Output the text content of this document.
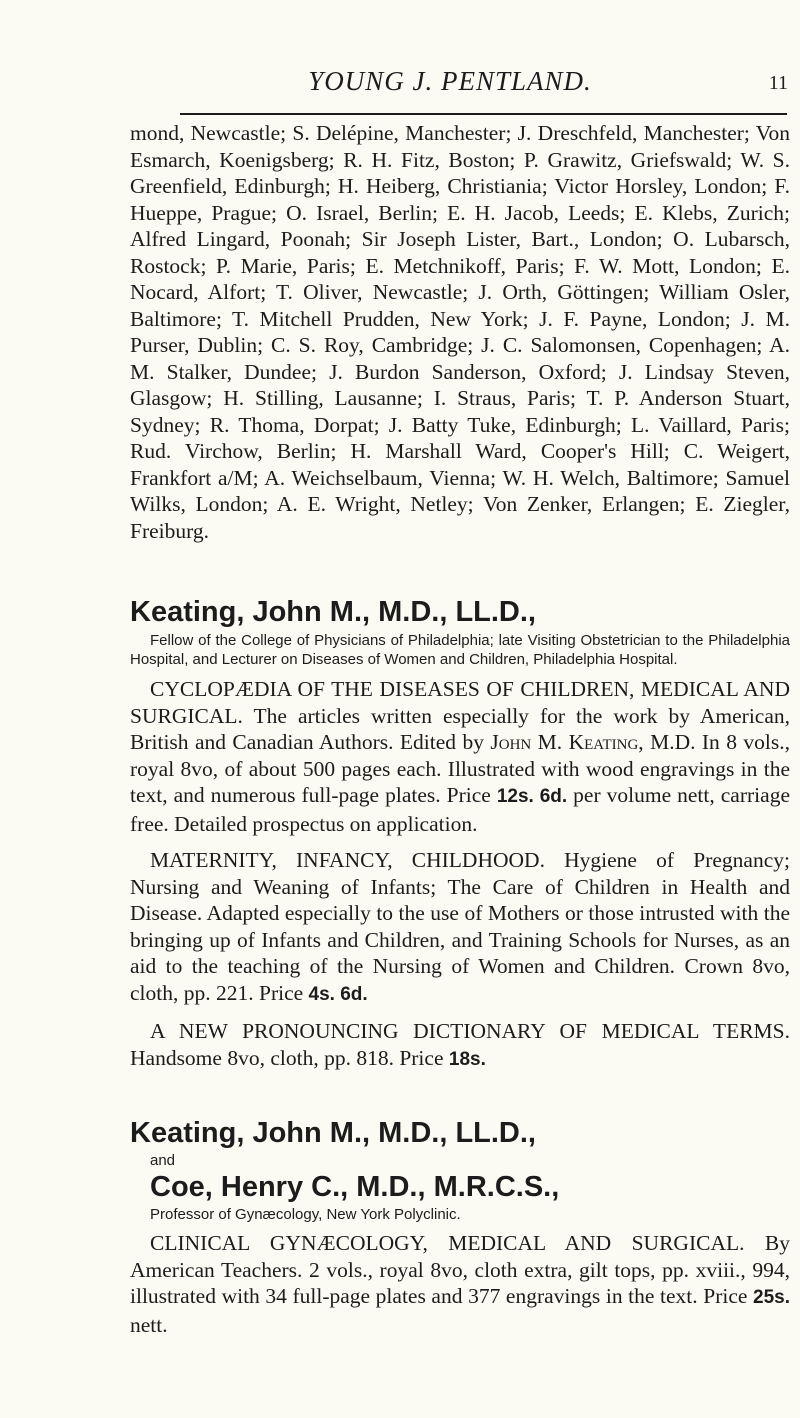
YOUNG J. PENTLAND.	11

mond, Newcastle; S. Delépine, Manchester; J. Dreschfeld, Manchester; Von Esmarch, Koenigsberg; R. H. Fitz, Boston; P. Grawitz, Griefswald; W. S. Greenfield, Edinburgh; H. Heiberg, Christiania; Victor Horsley, London; F. Hueppe, Prague; O. Israel, Berlin; E. H. Jacob, Leeds; E. Klebs, Zurich; Alfred Lingard, Poonah; Sir Joseph Lister, Bart., London; O. Lubarsch, Rostock; P. Marie, Paris; E. Metchnikoff, Paris; F. W. Mott, London; E. Nocard, Alfort; T. Oliver, Newcastle; J. Orth, Göttingen; William Osler, Baltimore; T. Mitchell Prudden, New York; J. F. Payne, London; J. M. Purser, Dublin; C. S. Roy, Cambridge; J. C. Salomonsen, Copenhagen; A. M. Stalker, Dundee; J. Burdon Sanderson, Oxford; J. Lindsay Steven, Glasgow; H. Stilling, Lausanne; I. Straus, Paris; T. P. Anderson Stuart, Sydney; R. Thoma, Dorpat; J. Batty Tuke, Edinburgh; L. Vaillard, Paris; Rud. Virchow, Berlin; H. Marshall Ward, Cooper's Hill; C. Weigert, Frankfort a/M; A. Weichselbaum, Vienna; W. H. Welch, Baltimore; Samuel Wilks, London; A. E. Wright, Netley; Von Zenker, Erlangen; E. Ziegler, Freiburg.

Keating, John M., M.D., LL.D.,

Fellow of the College of Physicians of Philadelphia; late Visiting Obstetrician to the Philadelphia Hospital, and Lecturer on Diseases of Women and Children, Philadelphia Hospital.

CYCLOPÆDIA OF THE DISEASES OF CHILDREN, MEDICAL AND SURGICAL. The articles written especially for the work by American, British and Canadian Authors. Edited by John M. Keating, M.D. In 8 vols., royal 8vo, of about 500 pages each. Illustrated with wood engravings in the text, and numerous full-page plates. Price 12s. 6d. per volume nett, carriage free. Detailed prospectus on application.

MATERNITY, INFANCY, CHILDHOOD. Hygiene of Pregnancy; Nursing and Weaning of Infants; The Care of Children in Health and Disease. Adapted especially to the use of Mothers or those intrusted with the bringing up of Infants and Children, and Training Schools for Nurses, as an aid to the teaching of the Nursing of Women and Children. Crown 8vo, cloth, pp. 221. Price 4s. 6d.

A NEW PRONOUNCING DICTIONARY OF MEDICAL TERMS. Handsome 8vo, cloth, pp. 818. Price 18s.

Keating, John M., M.D., LL.D.,

and

Coe, Henry C., M.D., M.R.C.S.,

Professor of Gynæcology, New York Polyclinic.

CLINICAL GYNÆCOLOGY, MEDICAL AND SURGICAL. By American Teachers. 2 vols., royal 8vo, cloth extra, gilt tops, pp. xviii., 994, illustrated with 34 full-page plates and 377 engravings in the text. Price 25s. nett.
